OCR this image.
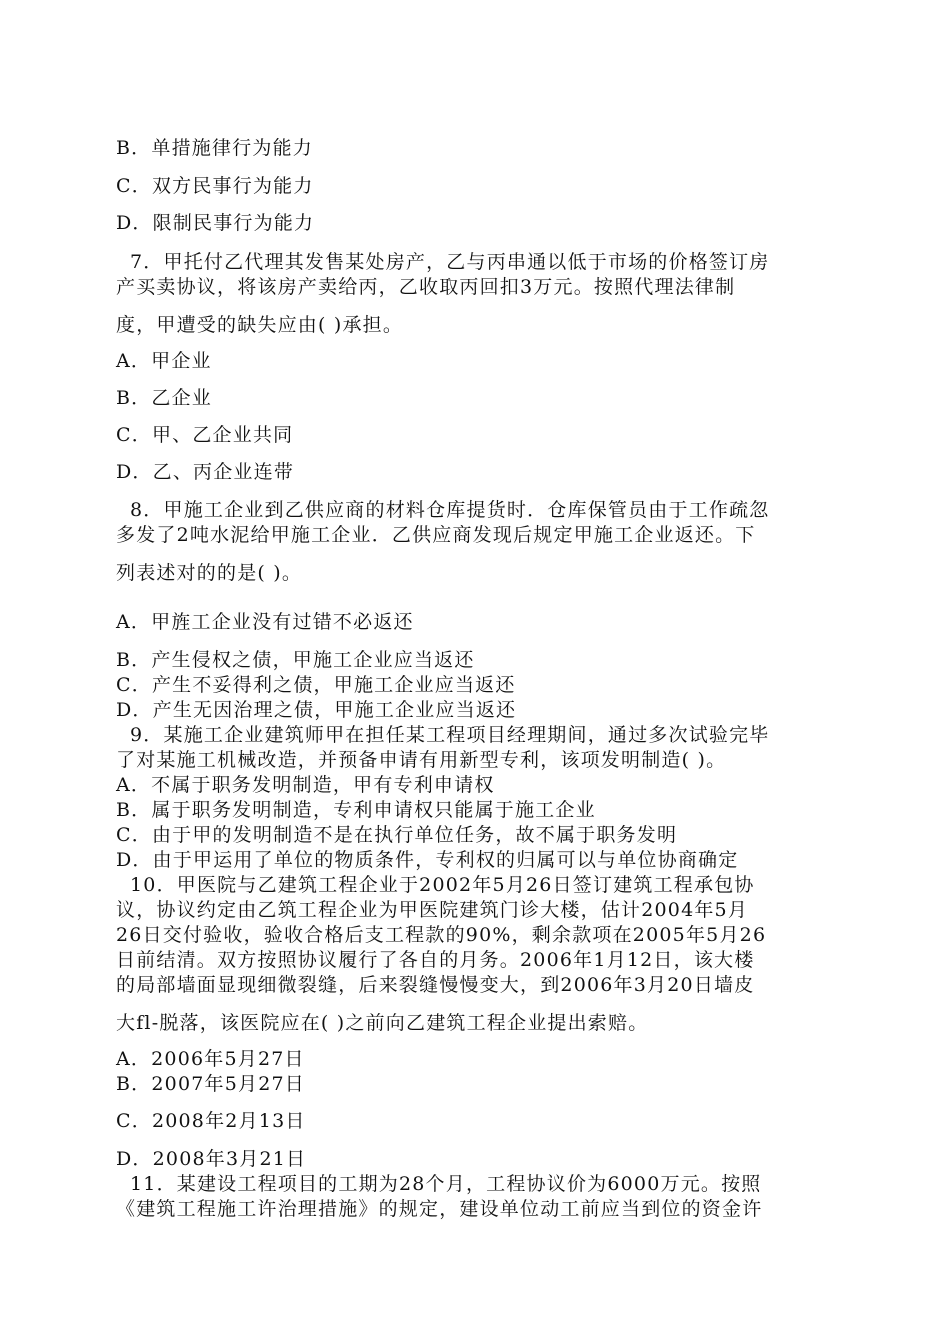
B．单措施律行为能力
C．双方民事行为能力
D．限制民事行为能力
7．甲托付乙代理其发售某处房产，乙与丙串通以低于市场的价格签订房
产买卖协议，将该房产卖给丙，乙收取丙回扣3万元。按照代理法律制
度，甲遭受的缺失应由( )承担。
A．甲企业
B．乙企业
C．甲、乙企业共同
D．乙、丙企业连带
8．甲施工企业到乙供应商的材料仓库提货时．仓库保管员由于工作疏忽
多发了2吨水泥给甲施工企业．乙供应商发现后规定甲施工企业返还。下
列表述对的的是( )。
A．甲旌工企业没有过错不必返还
B．产生侵权之债，甲施工企业应当返还
C．产生不妥得利之债，甲施工企业应当返还
D．产生无因治理之债，甲施工企业应当返还
9．某施工企业建筑师甲在担任某工程项目经理期间，通过多次试验完毕
了对某施工机械改造，并预备申请有用新型专利，该项发明制造( )。
A．不属于职务发明制造，甲有专利申请权
B．属于职务发明制造，专利申请权只能属于施工企业
C．由于甲的发明制造不是在执行单位任务，故不属于职务发明
D．由于甲运用了单位的物质条件，专利权的归属可以与单位协商确定
10．甲医院与乙建筑工程企业于2002年5月26日签订建筑工程承包协
议，协议约定由乙筑工程企业为甲医院建筑门诊大楼，估计2004年5月
26日交付验收，验收合格后支工程款的90%，剩余款项在2005年5月26
日前结清。双方按照协议履行了各自的月务。2006年1月12日，该大楼
的局部墙面显现细微裂缝，后来裂缝慢慢变大，到2006年3月20日墙皮
大fl-脱落，该医院应在( )之前向乙建筑工程企业提出索赔。
A．2006年5月27日
B．2007年5月27日
C．2008年2月13日
D．2008年3月21日
11．某建设工程项目的工期为28个月，工程协议价为6000万元。按照
《建筑工程施工许治理措施》的规定，建设单位动工前应当到位的资金许
